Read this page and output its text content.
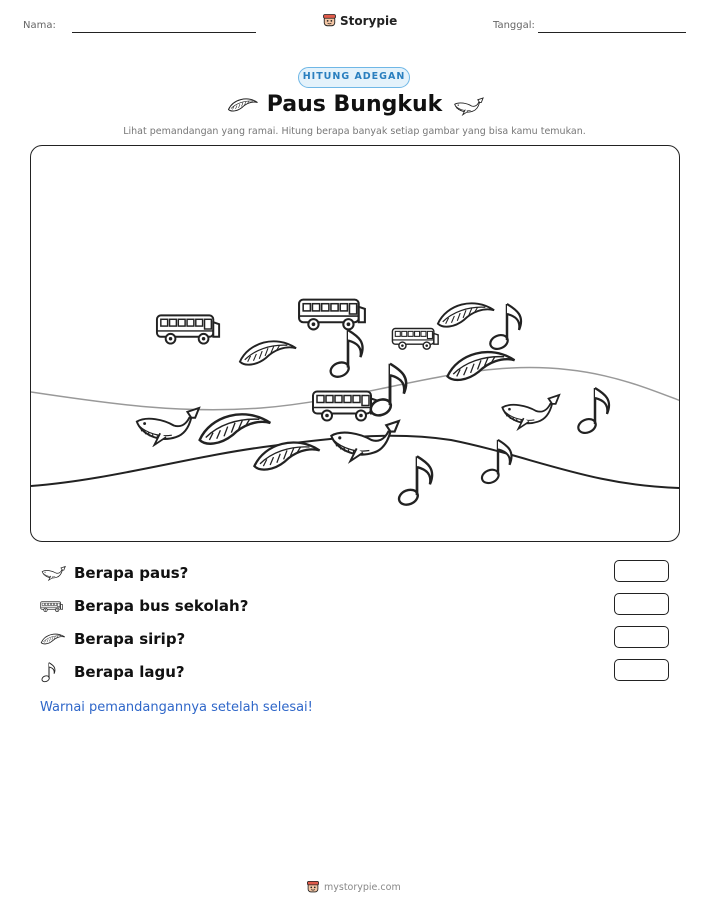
Nama:	Storypie	Tanggal:
HITUNG ADEGAN
Paus Bungkuk
Lihat pemandangan yang ramai. Hitung berapa banyak setiap gambar yang bisa kamu temukan.
Berapa paus?
Berapa bus sekolah?
Berapa sirip?
Berapa lagu?
Warnai pemandangannya setelah selesai!
mystorypie.com
